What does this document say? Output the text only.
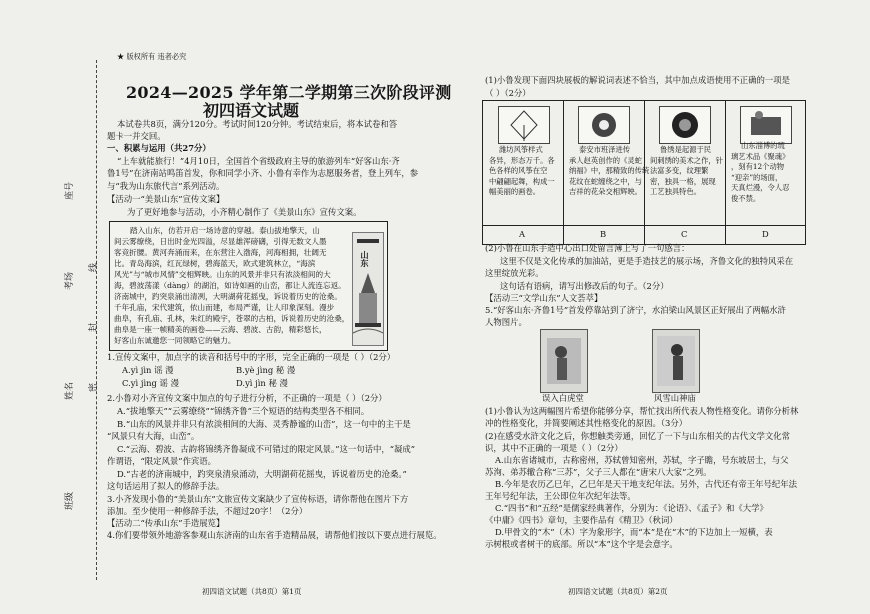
座号
考场
线
封
密
姓名
班级
★ 版权所有 违者必究
2024—2025 学年第二学期第三次阶段评测
初四语文试题
本试卷共8页，满分120分。考试时间120分钟。考试结束后，将本试卷和答
题卡一并交回。
一、积累与运用（共27分）
“上车就能旅行！”4月10日，全国首个省级政府主导的旅游列车“好客山东·齐
鲁1号”在济南站鸣笛首发，你和同学小齐、小鲁有幸作为志愿服务者，登上列车，参
与“我为山东旅代言”系列活动。
【活动一“美景山东”宣传文案】
为了更好地参与活动，小齐精心制作了《美景山东》宣传文案。
踏入山东，仿若开启一场诗意的穿越。泰山拔地擎天，山
间云雾缭绕，日出时金光四溢，尽显雄浑磅礴，引得无数文人墨
客竞折腰。黄河奔涌而来，在东营注入渤海，河海相拥，壮阔无
比。青岛海滨，红瓦绿树，碧海蓝天，欧式建筑林立，“海滨
风光”与“城市风情”交相辉映。山东的风景并非只有浓淡相间的大
海，碧波荡漾（dàng）的湖泊，如诗如画的山峦，都让人流连忘返。
济南城中，趵突泉涌出清冽，大明湖荷花摇曳，诉说着历史的沧桑。
千年孔庙，宋代建筑，依山而建，布局严谨，让人印象深刻。漫步
曲阜，有孔庙、孔林，朱红的殿宇，苍翠的古柏，诉说着历史的沧桑，
曲阜是一座一帧精美的画卷——云海、碧波、古韵，精彩悠长，
好客山东诚邀您一同领略它的魅力。
山东
1.宣传文案中，加点字的读音和括号中的字形，完全正确的一项是（ ）（2分）
A.yì jìn 谣 漫	B.yè jìng 秘 漫
C.yì jìng 谣 漫	D.yì jìn 秘 漫
2.小鲁对小齐宣传文案中加点的句子进行分析，不正确的一项是（ ）（2分）
A.“拔地擎天”“云雾缭绕”“锦绣齐鲁”三个短语的结构类型各不相同。
B.“山东的风景并非只有浓淡相间的大海、灵秀静谧的山峦”，这一句中的主干是
“风景只有大海，山峦”。
C.“云海、碧波、古韵将锦绣齐鲁凝成不可错过的限定风景。”这一句话中，“凝成”
作谓语，“限定风景”作宾语。
D.“古老的济南城中，趵突泉清泉涌动，大明湖荷花摇曳，诉说着历史的沧桑。”
这句话运用了拟人的修辞手法。
3.小齐发现小鲁的“美景山东”文旅宣传文案缺少了宣传标语，请你帮他在图片下方
添加。至少使用一种修辞手法，不超过20字！（2分）
【活动二“传承山东”手造展览】
4.你们要带领外地游客参观山东济南的山东省手造精品展，请帮他们按以下要点进行展览。
初四语文试题（共8页）第1页
(1)小鲁发现下面四块展板的解说词表述不恰当，其中加点成语使用不正确的一项是
（ ）（2分）
潍坊风筝样式
各异，形态万千。各
色各样的风筝在空
中翩翩起舞，构成一
幅美丽的画卷。
泰安市班泽进传
承人赵英创作的《灵蛇
纳福》中，那精致的传统
花纹在蛇缠绕之中，与
吉祥的花朵交相辉映。
鲁绣是起源于民
间刺绣的美术之作，针
法富多变，纹理繁
密，独具一格，展现
工艺独具特色。
山东淄博的琉
璃艺术品《聚魂》
，刻有12个动物
“迎亲”的场面，
天真烂漫，令人忍
俊不禁。
A	B	C	D
(2)小鲁在山东手造中心出口处留言簿上写了一句感言：
这里不仅是文化传承的加油站，更是手造技艺的展示场，齐鲁文化的独特风采在
这里绽放光彩。
这句话有语病，请写出修改后的句子。（2分）
【活动三“文学山东”人文荟萃】
5.“好客山东·齐鲁1号”首发停靠站到了济宁，水泊梁山风景区正好展出了两幅水浒
人物图片。
误入白虎堂	风雪山神庙
(1)小鲁认为这两幅图片希望你能够分享，帮忙找出所代表人物性格变化。请你分析林
冲的性格变化，并简要阐述其性格变化的原因。（3分）
(2)在感受水浒文化之后，你想触类旁通，回忆了一下与山东相关的古代文学文化常
识，其中不正确的一项是（ ）（2分）
A.山东省诸城市，古称密州，苏轼曾知密州，苏轼，字子瞻，号东坡居士，与父
苏洵、弟苏辙合称“三苏”，父子三人都在“唐宋八大家”之列。
B.今年是农历乙巳年，乙巳年是天干地支纪年法。另外，古代还有帝王年号纪年法
王年号纪年法，王公即位年次纪年法等。
C.“四书”和“五经”是儒家经典著作，分别为：《论语》、《孟子》和《大学》
《中庸》《四书》章句，主要作品有《精卫》（秋词）
D.甲骨文的“木”（木）字为象形字，而“本”是在“木”的下边加上一短横，表
示树根或者树干的底部。所以“本”这个字是会意字。
初四语文试题（共8页）第2页
